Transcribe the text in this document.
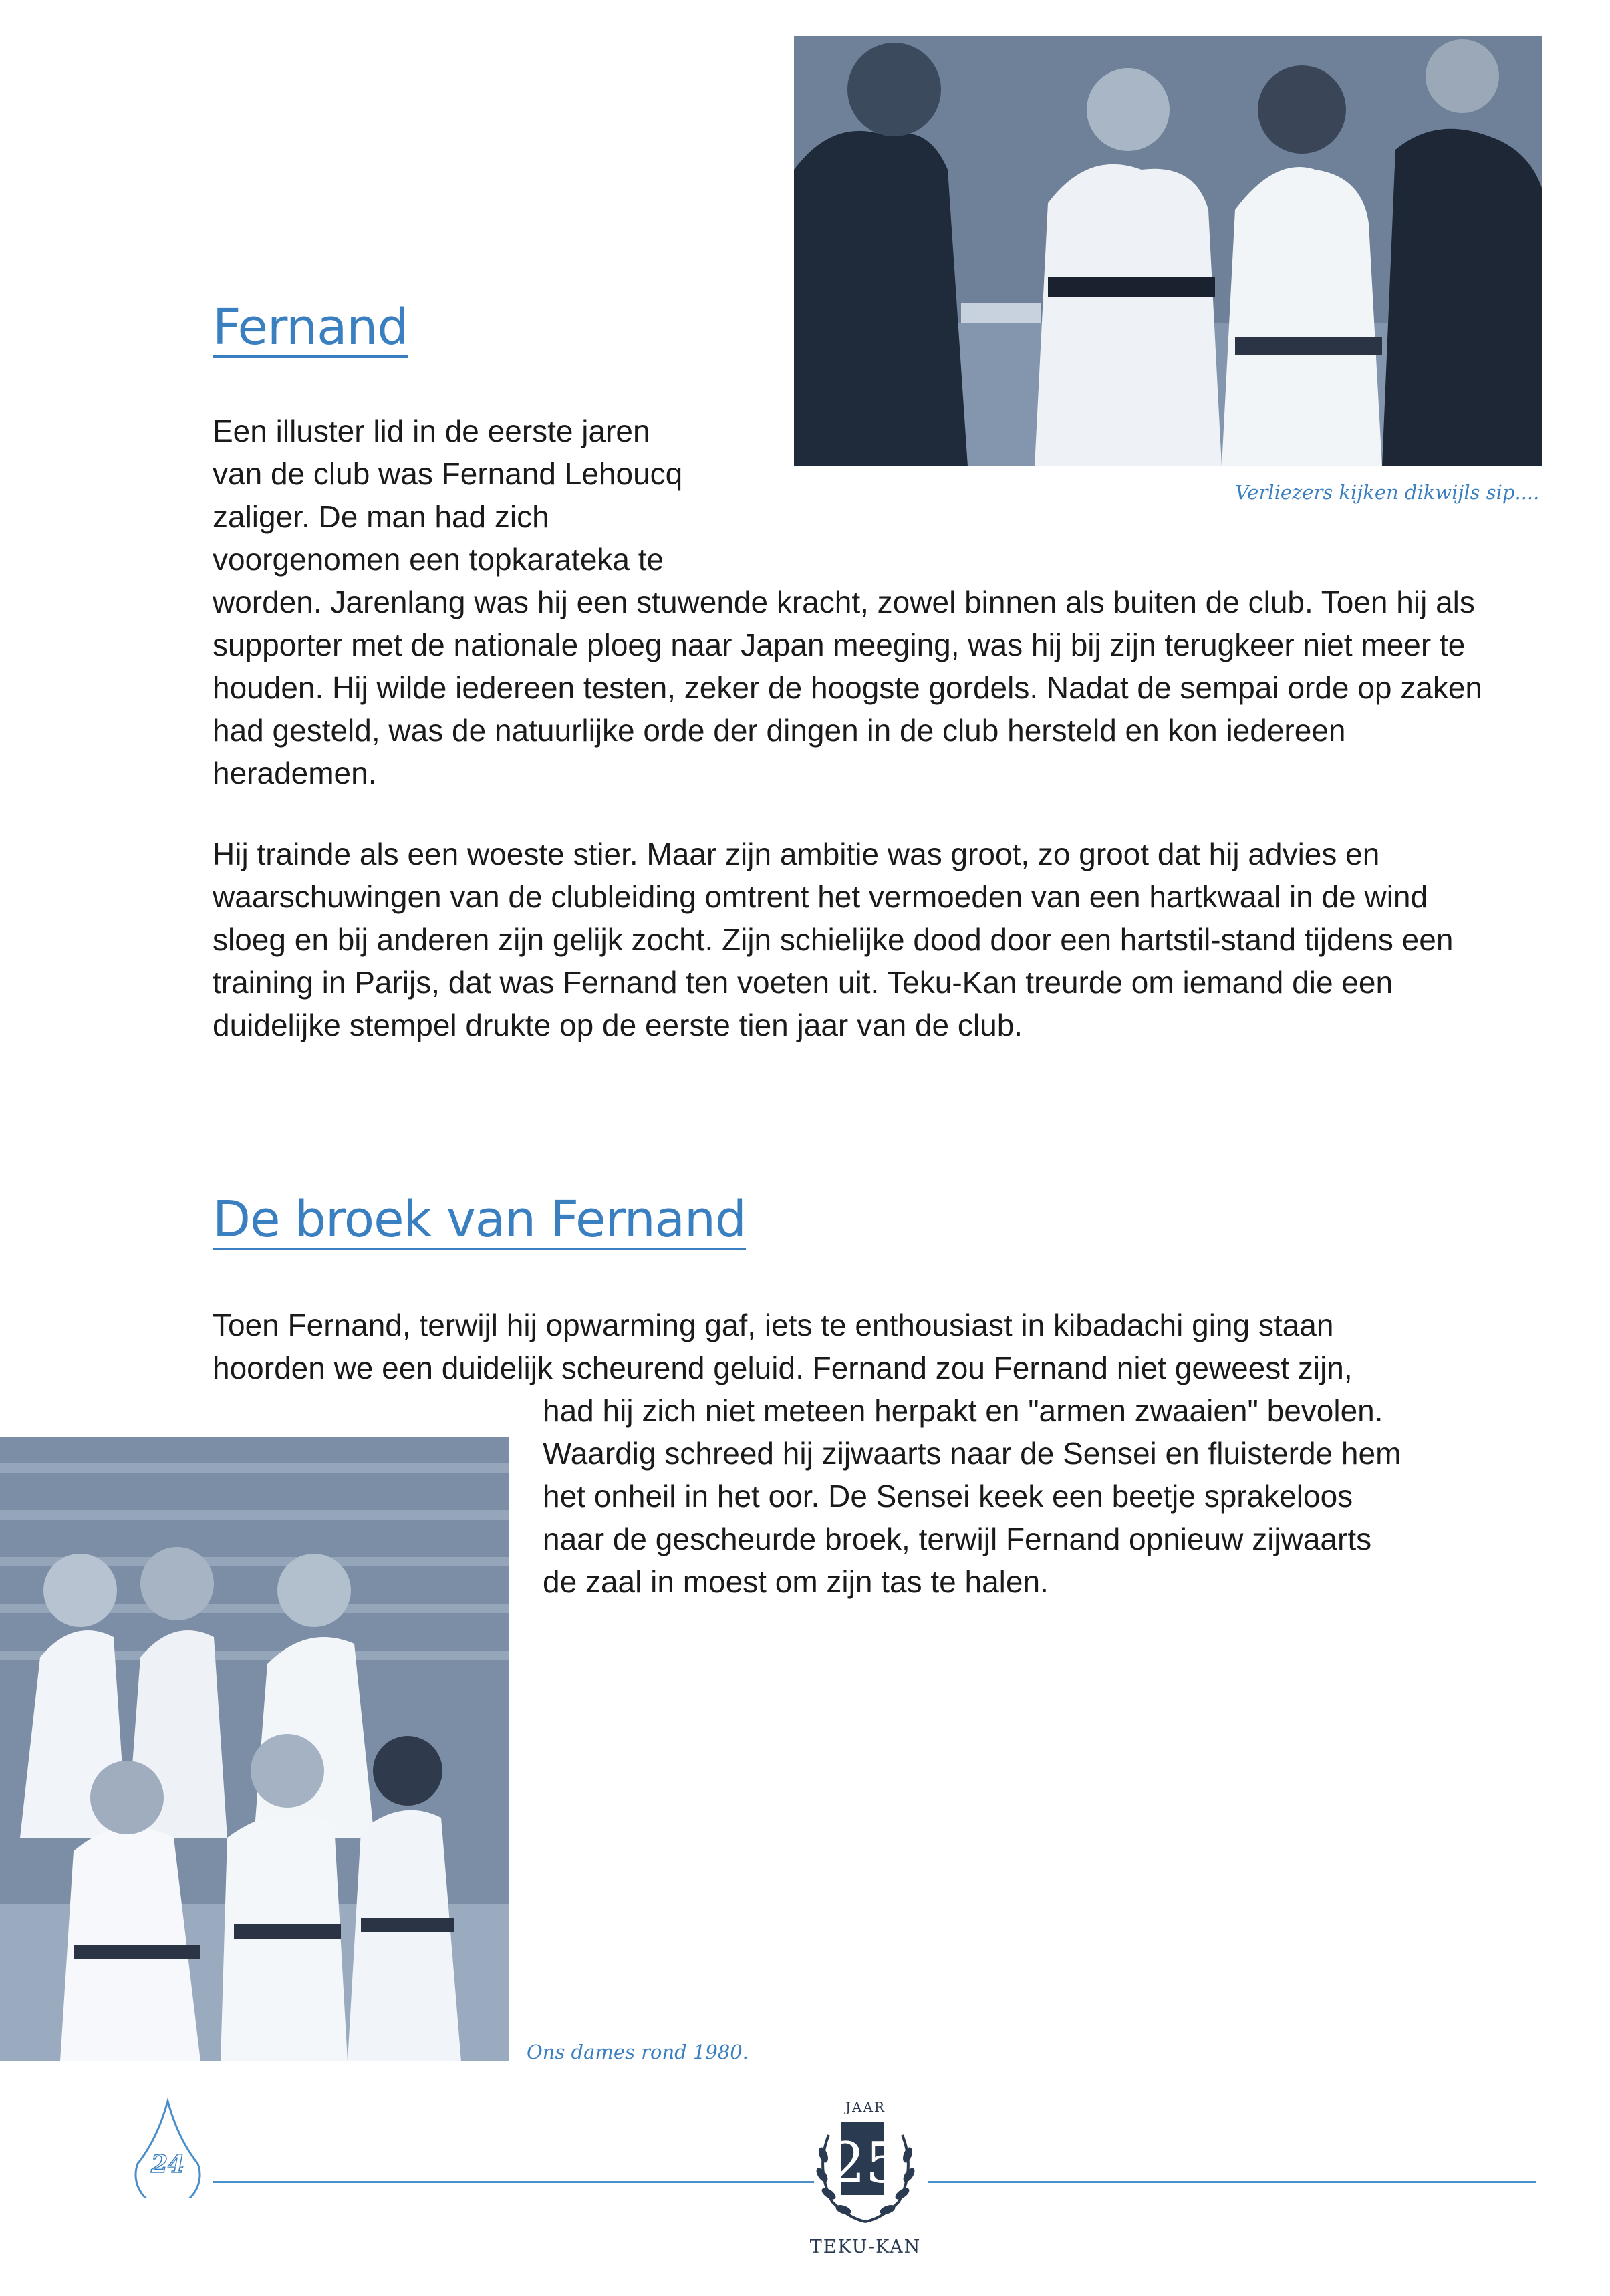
Verliezers kijken dikwijls sip....
Fernand

Een illuster lid in de eerste jaren

van de club was Fernand Lehoucq

zaliger. De man had zich

voorgenomen een topkarateka te

worden. Jarenlang was hij een stuwende kracht, zowel binnen als buiten de club. Toen hij als supporter met de nationale ploeg naar Japan meeging, was hij bij zijn terugkeer niet meer te houden. Hij wilde iedereen testen, zeker de hoogste gordels. Nadat de sempai orde op zaken had gesteld, was de natuurlijke orde der dingen in de club hersteld en kon iedereen herademen.

Hij trainde als een woeste stier. Maar zijn ambitie was groot, zo groot dat hij advies en waarschuwingen van de clubleiding omtrent het vermoeden van een hartkwaal in de wind sloeg en bij anderen zijn gelijk zocht. Zijn schielijke dood door een hartstil-stand tijdens een training in Parijs, dat was Fernand ten voeten uit. Teku-Kan treurde om iemand die een duidelijke stempel drukte op de eerste tien jaar van de club.

De broek van Fernand

Toen Fernand, terwijl hij opwarming gaf, iets te enthousiast in kibadachi ging staan

hoorden we een duidelijk scheurend geluid. Fernand zou Fernand niet geweest zijn,

had hij zich niet meteen herpakt en "armen zwaaien" bevolen.

Waardig schreed hij zijwaarts naar de Sensei en fluisterde hem

het onheil in het oor. De Sensei keek een beetje sprakeloos

naar de gescheurde broek, terwijl Fernand opnieuw zijwaarts

de zaal in moest om zijn tas te halen.

Ons dames rond 1980.
24
JAAR
25
TEKU-KAN
